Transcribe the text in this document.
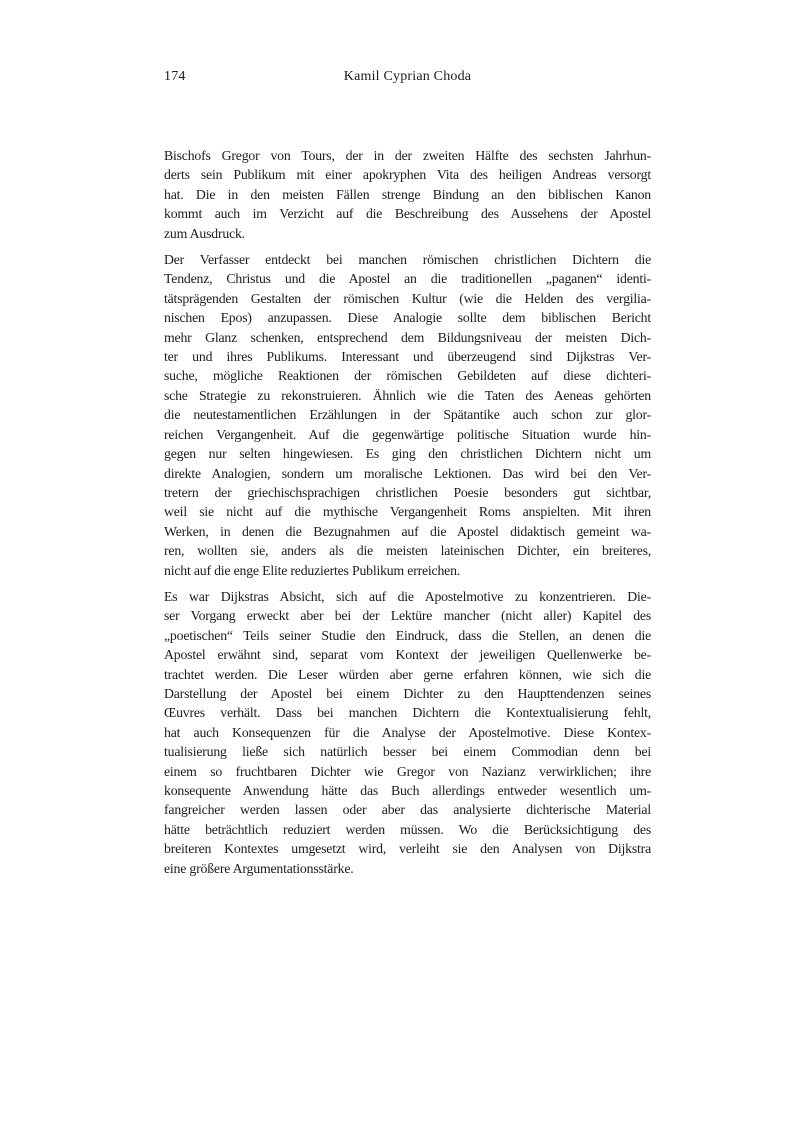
174	Kamil Cyprian Choda
Bischofs Gregor von Tours, der in der zweiten Hälfte des sechsten Jahrhun-
derts sein Publikum mit einer apokryphen Vita des heiligen Andreas versorgt
hat. Die in den meisten Fällen strenge Bindung an den biblischen Kanon
kommt auch im Verzicht auf die Beschreibung des Aussehens der Apostel
zum Ausdruck.
Der Verfasser entdeckt bei manchen römischen christlichen Dichtern die
Tendenz, Christus und die Apostel an die traditionellen „paganen“ identi-
tätsprägenden Gestalten der römischen Kultur (wie die Helden des vergilia-
nischen Epos) anzupassen. Diese Analogie sollte dem biblischen Bericht
mehr Glanz schenken, entsprechend dem Bildungsniveau der meisten Dich-
ter und ihres Publikums. Interessant und überzeugend sind Dijkstras Ver-
suche, mögliche Reaktionen der römischen Gebildeten auf diese dichteri-
sche Strategie zu rekonstruieren. Ähnlich wie die Taten des Aeneas gehörten
die neutestamentlichen Erzählungen in der Spätantike auch schon zur glor-
reichen Vergangenheit. Auf die gegenwärtige politische Situation wurde hin-
gegen nur selten hingewiesen. Es ging den christlichen Dichtern nicht um
direkte Analogien, sondern um moralische Lektionen. Das wird bei den Ver-
tretern der griechischsprachigen christlichen Poesie besonders gut sichtbar,
weil sie nicht auf die mythische Vergangenheit Roms anspielten. Mit ihren
Werken, in denen die Bezugnahmen auf die Apostel didaktisch gemeint wa-
ren, wollten sie, anders als die meisten lateinischen Dichter, ein breiteres,
nicht auf die enge Elite reduziertes Publikum erreichen.
Es war Dijkstras Absicht, sich auf die Apostelmotive zu konzentrieren. Die-
ser Vorgang erweckt aber bei der Lektüre mancher (nicht aller) Kapitel des
„poetischen“ Teils seiner Studie den Eindruck, dass die Stellen, an denen die
Apostel erwähnt sind, separat vom Kontext der jeweiligen Quellenwerke be-
trachtet werden. Die Leser würden aber gerne erfahren können, wie sich die
Darstellung der Apostel bei einem Dichter zu den Haupttendenzen seines
Œuvres verhält. Dass bei manchen Dichtern die Kontextualisierung fehlt,
hat auch Konsequenzen für die Analyse der Apostelmotive. Diese Kontex-
tualisierung ließe sich natürlich besser bei einem Commodian denn bei
einem so fruchtbaren Dichter wie Gregor von Nazianz verwirklichen; ihre
konsequente Anwendung hätte das Buch allerdings entweder wesentlich um-
fangreicher werden lassen oder aber das analysierte dichterische Material
hätte beträchtlich reduziert werden müssen. Wo die Berücksichtigung des
breiteren Kontextes umgesetzt wird, verleiht sie den Analysen von Dijkstra
eine größere Argumentationsstärke.
